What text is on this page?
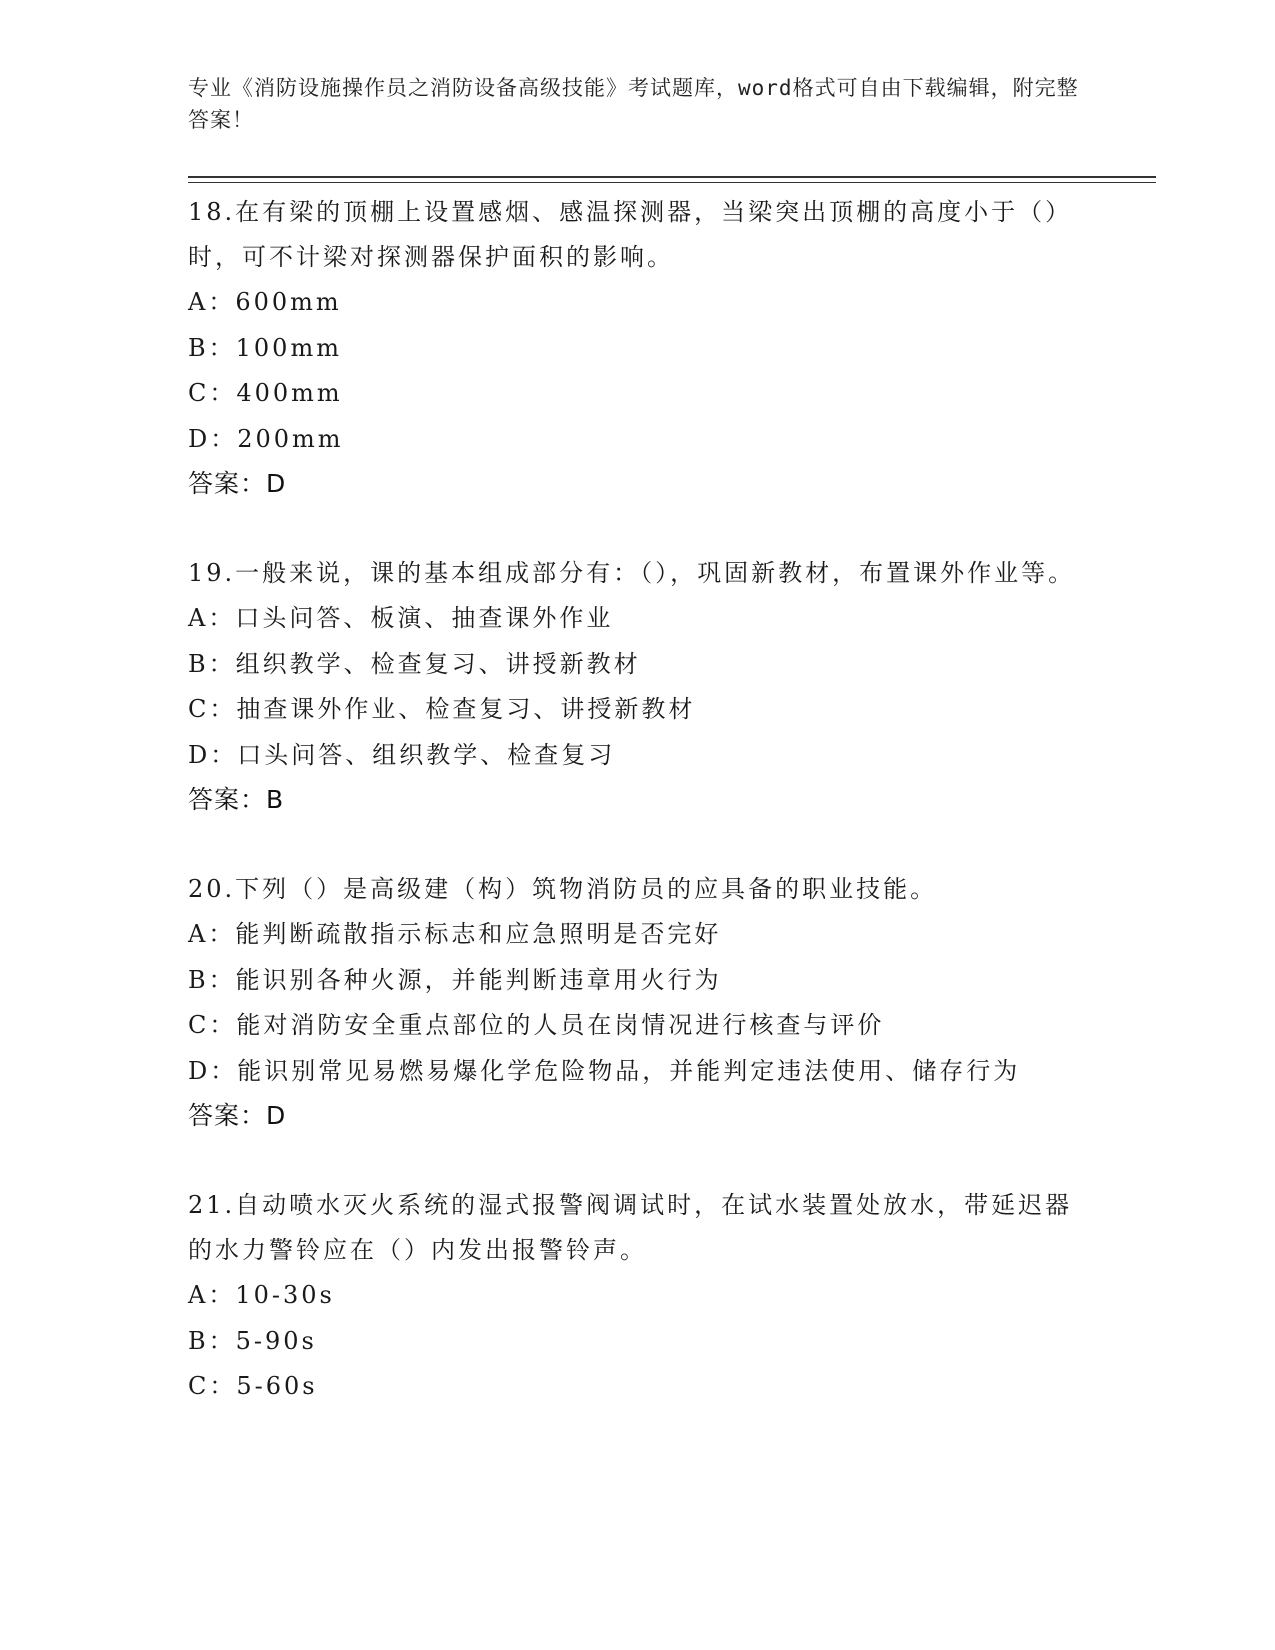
专业《消防设施操作员之消防设备高级技能》考试题库，word格式可自由下载编辑，附完整答案！

18.在有梁的顶棚上设置感烟、感温探测器，当梁突出顶棚的高度小于（）时，可不计梁对探测器保护面积的影响。

A：600mm

B：100mm

C：400mm

D：200mm

答案：D

19.一般来说，课的基本组成部分有：（），巩固新教材，布置课外作业等。

A：口头问答、板演、抽查课外作业

B：组织教学、检查复习、讲授新教材

C：抽查课外作业、检查复习、讲授新教材

D：口头问答、组织教学、检查复习

答案：B

20.下列（）是高级建（构）筑物消防员的应具备的职业技能。

A：能判断疏散指示标志和应急照明是否完好

B：能识别各种火源，并能判断违章用火行为

C：能对消防安全重点部位的人员在岗情况进行核查与评价

D：能识别常见易燃易爆化学危险物品，并能判定违法使用、储存行为

答案：D

21.自动喷水灭火系统的湿式报警阀调试时，在试水装置处放水，带延迟器的水力警铃应在（）内发出报警铃声。

A：10-30s

B：5-90s

C：5-60s
